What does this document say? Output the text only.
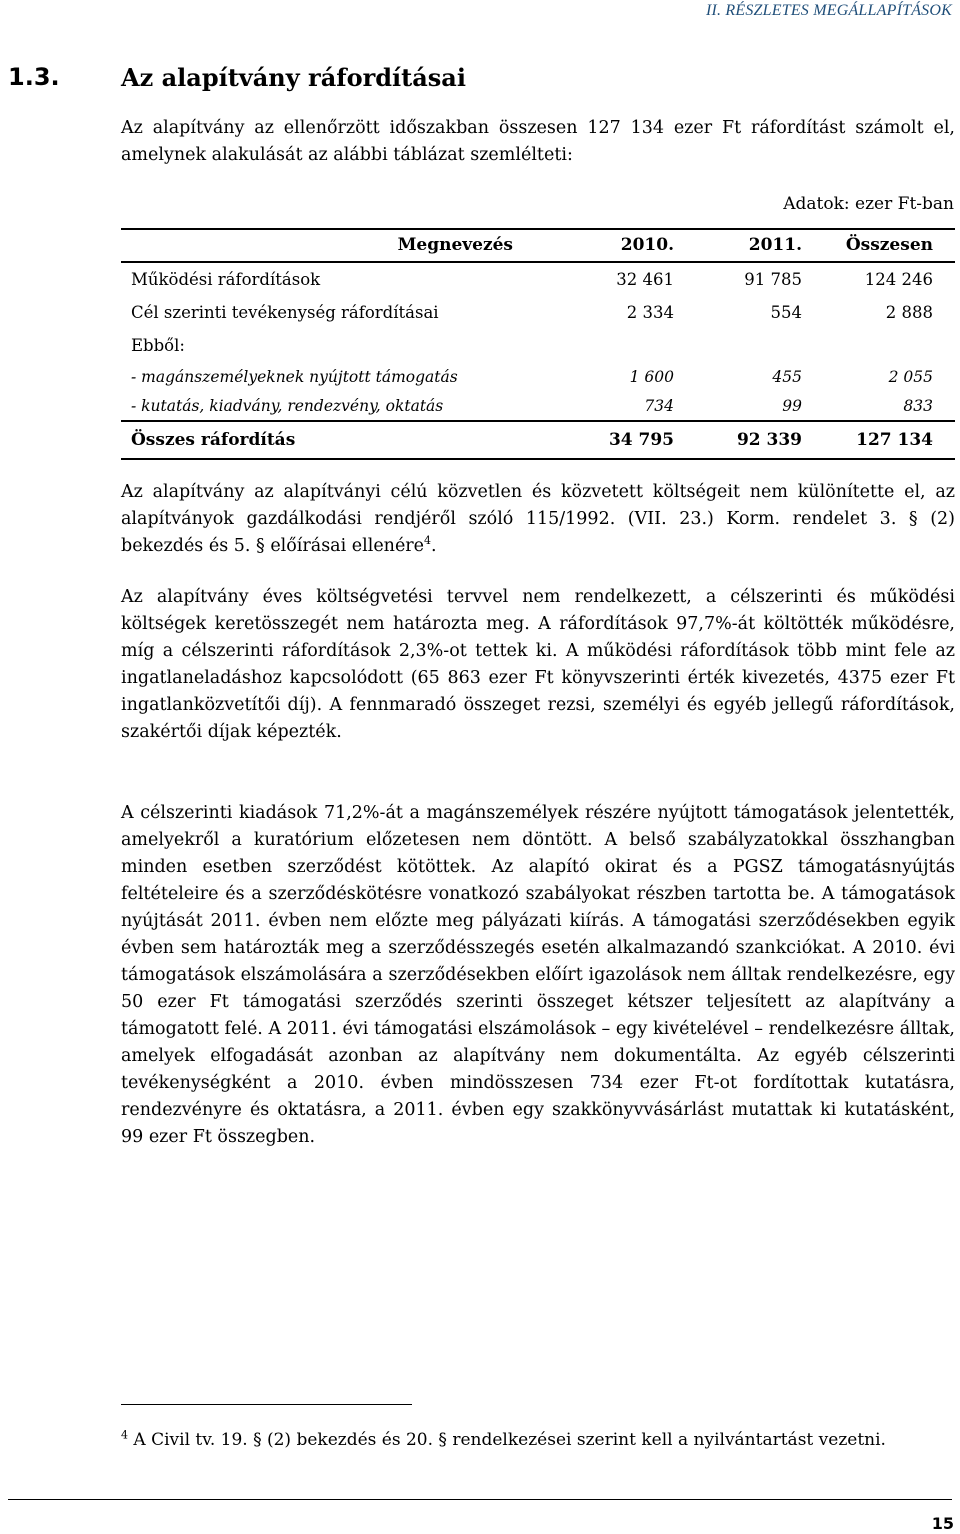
II. RÉSZLETES MEGÁLLAPÍTÁSOK
1.3.	Az alapítvány ráfordításai
Az alapítvány az ellenőrzött időszakban összesen 127 134 ezer Ft ráfordítást számolt el, amelynek alakulását az alábbi táblázat szemlélteti:
Adatok: ezer Ft-ban
Megnevezés	2010.	2011.	Összesen
Működési ráfordítások	32 461	91 785	124 246
Cél szerinti tevékenység ráfordításai	2 334	554	2 888
Ebből:			
- magánszemélyeknek nyújtott támogatás	1 600	455	2 055
- kutatás, kiadvány, rendezvény, oktatás	734	99	833
Összes ráfordítás	34 795	92 339	127 134
Az alapítvány az alapítványi célú közvetlen és közvetett költségeit nem különítette el, az alapítványok gazdálkodási rendjéről szóló 115/1992. (VII. 23.) Korm. rendelet 3. § (2) bekezdés és 5. § előírásai ellenére$^4$.
Az alapítvány éves költségvetési tervvel nem rendelkezett, a célszerinti és működési költségek keretösszegét nem határozta meg. A ráfordítások 97,7%-át költötték működésre, míg a célszerinti ráfordítások 2,3%-ot tettek ki. A működési ráfordítások több mint fele az ingatlaneladáshoz kapcsolódott (65 863 ezer Ft könyvszerinti érték kivezetés, 4375 ezer Ft ingatlanközvetítői díj). A fennmaradó összeget rezsi, személyi és egyéb jellegű ráfordítások, szakértői díjak képezték.
A célszerinti kiadások 71,2%-át a magánszemélyek részére nyújtott támogatások jelentették, amelyekről a kuratórium előzetesen nem döntött. A belső szabályzatokkal összhangban minden esetben szerződést kötöttek. Az alapító okirat és a PGSZ támogatásnyújtás feltételeire és a szerződéskötésre vonatkozó szabályokat részben tartotta be. A támogatások nyújtását 2011. évben nem előzte meg pályázati kiírás. A támogatási szerződésekben egyik évben sem határozták meg a szerződésszegés esetén alkalmazandó szankciókat. A 2010. évi támogatások elszámolására a szerződésekben előírt igazolások nem álltak rendelkezésre, egy 50 ezer Ft támogatási szerződés szerinti összeget kétszer teljesített az alapítvány a támogatott felé. A 2011. évi támogatási elszámolások – egy kivételével – rendelkezésre álltak, amelyek elfogadását azonban az alapítvány nem dokumentálta. Az egyéb célszerinti tevékenységként a 2010. évben mindösszesen 734 ezer Ft-ot fordítottak kutatásra, rendezvényre és oktatásra, a 2011. évben egy szakkönyvvásárlást mutattak ki kutatásként, 99 ezer Ft összegben.
$^4$ A Civil tv. 19. § (2) bekezdés és 20. § rendelkezései szerint kell a nyilvántartást vezetni.
15
